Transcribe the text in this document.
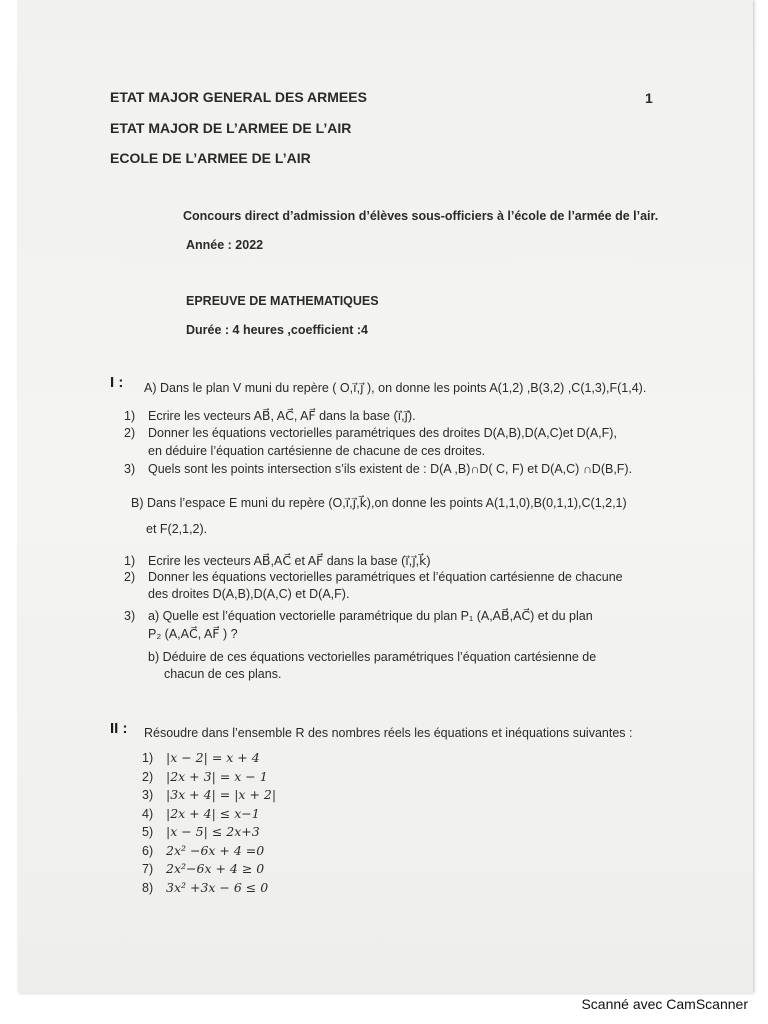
ETAT MAJOR GENERAL DES ARMEES
ETAT MAJOR DE L’ARMEE DE L’AIR
ECOLE DE L’ARMEE DE L’AIR
1
Concours direct d’admission d’élèves sous-officiers à l’école de l’armée de l’air.
Année : 2022
EPREUVE DE MATHEMATIQUES
Durée : 4 heures ,coefficient :4
I : A) Dans le plan V muni du repère ( O,i⃗,j⃗ ), on donne les points A(1,2) ,B(3,2) ,C(1,3),F(1,4).
1) Ecrire les vecteurs AB⃗, AC⃗, AF⃗ dans la base (i⃗,j⃗).
2) Donner les équations vectorielles paramétriques des droites D(A,B),D(A,C)et D(A,F),
en déduire l’équation cartésienne de chacune de ces droites.
3) Quels sont les points intersection s’ils existent de : D(A ,B)∩D( C, F) et D(A,C) ∩D(B,F).
B) Dans l’espace E muni du repère (O,i⃗,j⃗,k⃗),on donne les points A(1,1,0),B(0,1,1),C(1,2,1)
et F(2,1,2).
1) Ecrire les vecteurs AB⃗,AC⃗ et AF⃗ dans la base (i⃗,j⃗,k⃗)
2) Donner les équations vectorielles paramétriques et l’équation cartésienne de chacune
des droites D(A,B),D(A,C) et D(A,F).
3) a) Quelle est l’équation vectorielle paramétrique du plan P₁ (A,AB⃗,AC⃗) et du plan
P₂ (A,AC⃗, AF⃗ ) ?
b) Déduire de ces équations vectorielles paramétriques l’équation cartésienne de
chacun de ces plans.
II : Résoudre dans l’ensemble R des nombres réels les équations et inéquations suivantes :
1) |x − 2| = x + 4
2) |2x + 3| = x − 1
3) |3x + 4| = |x + 2|
4) |2x + 4| ≤ x−1
5) |x − 5| ≤ 2x+3
6) 2x² −6x + 4 =0
7) 2x²−6x + 4 ≥ 0
8) 3x² +3x − 6 ≤ 0
Scanné avec CamScanner
